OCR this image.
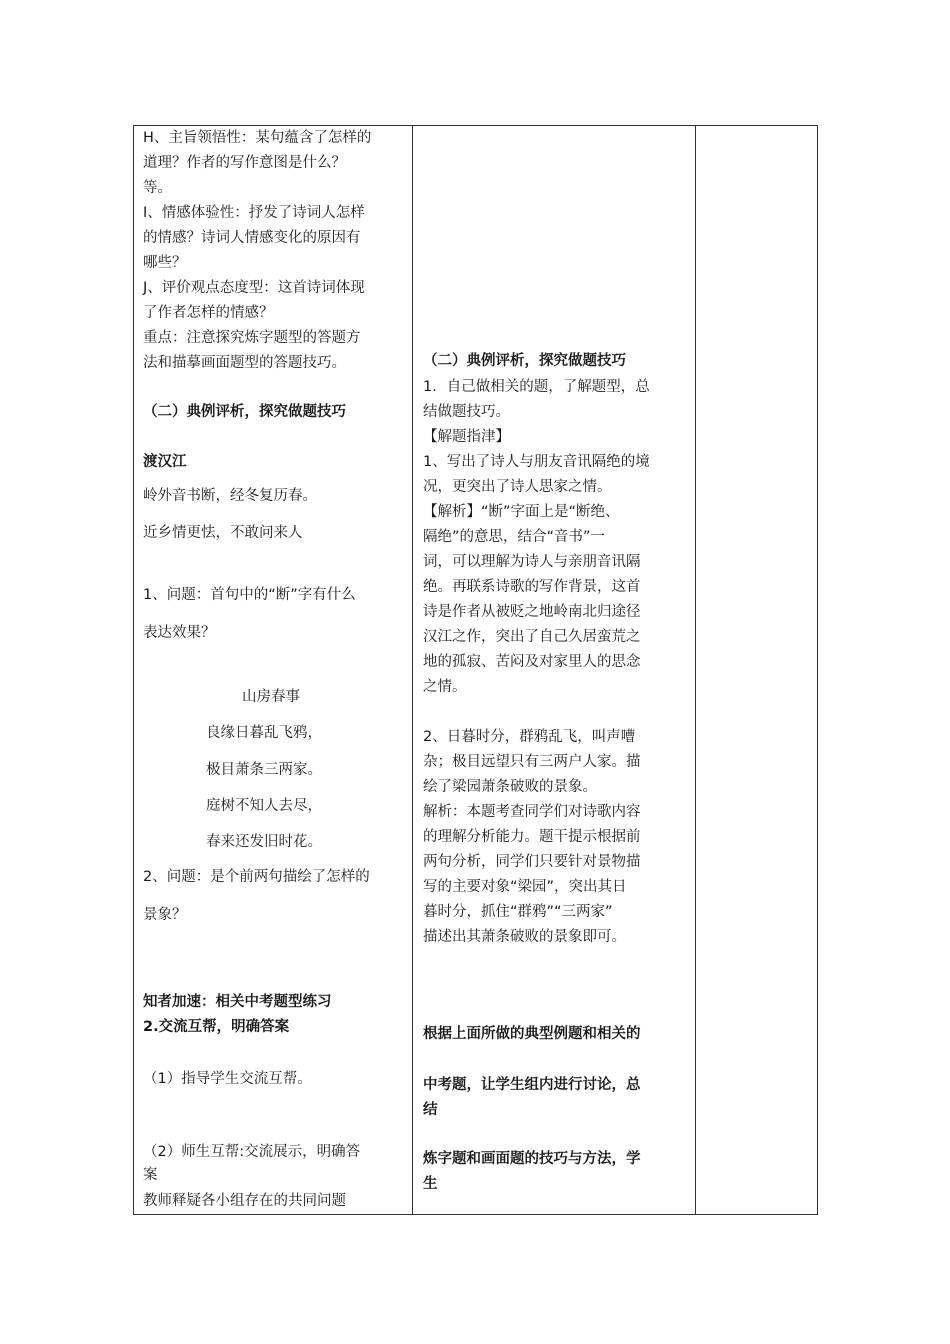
H、主旨领悟性：某句蕴含了怎样的
道理？作者的写作意图是什么？
等。
I、情感体验性：抒发了诗词人怎样
的情感？诗词人情感变化的原因有
哪些？
J、评价观点态度型：这首诗词体现
了作者怎样的情感？
重点：注意探究炼字题型的答题方
法和描摹画面题型的答题技巧。
（二）典例评析，探究做题技巧
渡汉江
岭外音书断，经冬复历春。
近乡情更怯，不敢问来人
1、问题：首句中的“断”字有什么
表达效果？
山房春事
良缘日暮乱飞鸦，
极目萧条三两家。
庭树不知人去尽，
春来还发旧时花。
2、问题：是个前两句描绘了怎样的
景象？
知者加速：相关中考题型练习
2.交流互帮，明确答案
（1）指导学生交流互帮。
（2）师生互帮:交流展示，明确答
案
教师释疑各小组存在的共同问题
（二）典例评析，探究做题技巧
1．自己做相关的题，了解题型，总
结做题技巧。
【解题指津】
1、写出了诗人与朋友音讯隔绝的境
况，更突出了诗人思家之情。
【解析】“断”字面上是“断绝、
隔绝”的意思，结合“音书”一
词，可以理解为诗人与亲朋音讯隔
绝。再联系诗歌的写作背景，这首
诗是作者从被贬之地岭南北归途径
汉江之作，突出了自己久居蛮荒之
地的孤寂、苦闷及对家里人的思念
之情。
2、日暮时分，群鸦乱飞，叫声嘈
杂；极目远望只有三两户人家。描
绘了梁园萧条破败的景象。
解析：本题考查同学们对诗歌内容
的理解分析能力。题干提示根据前
两句分析，同学们只要针对景物描
写的主要对象“梁园”，突出其日
暮时分，抓住“群鸦”“三两家”
描述出其萧条破败的景象即可。
根据上面所做的典型例题和相关的
中考题，让学生组内进行讨论，总
结
炼字题和画面题的技巧与方法，学
生
